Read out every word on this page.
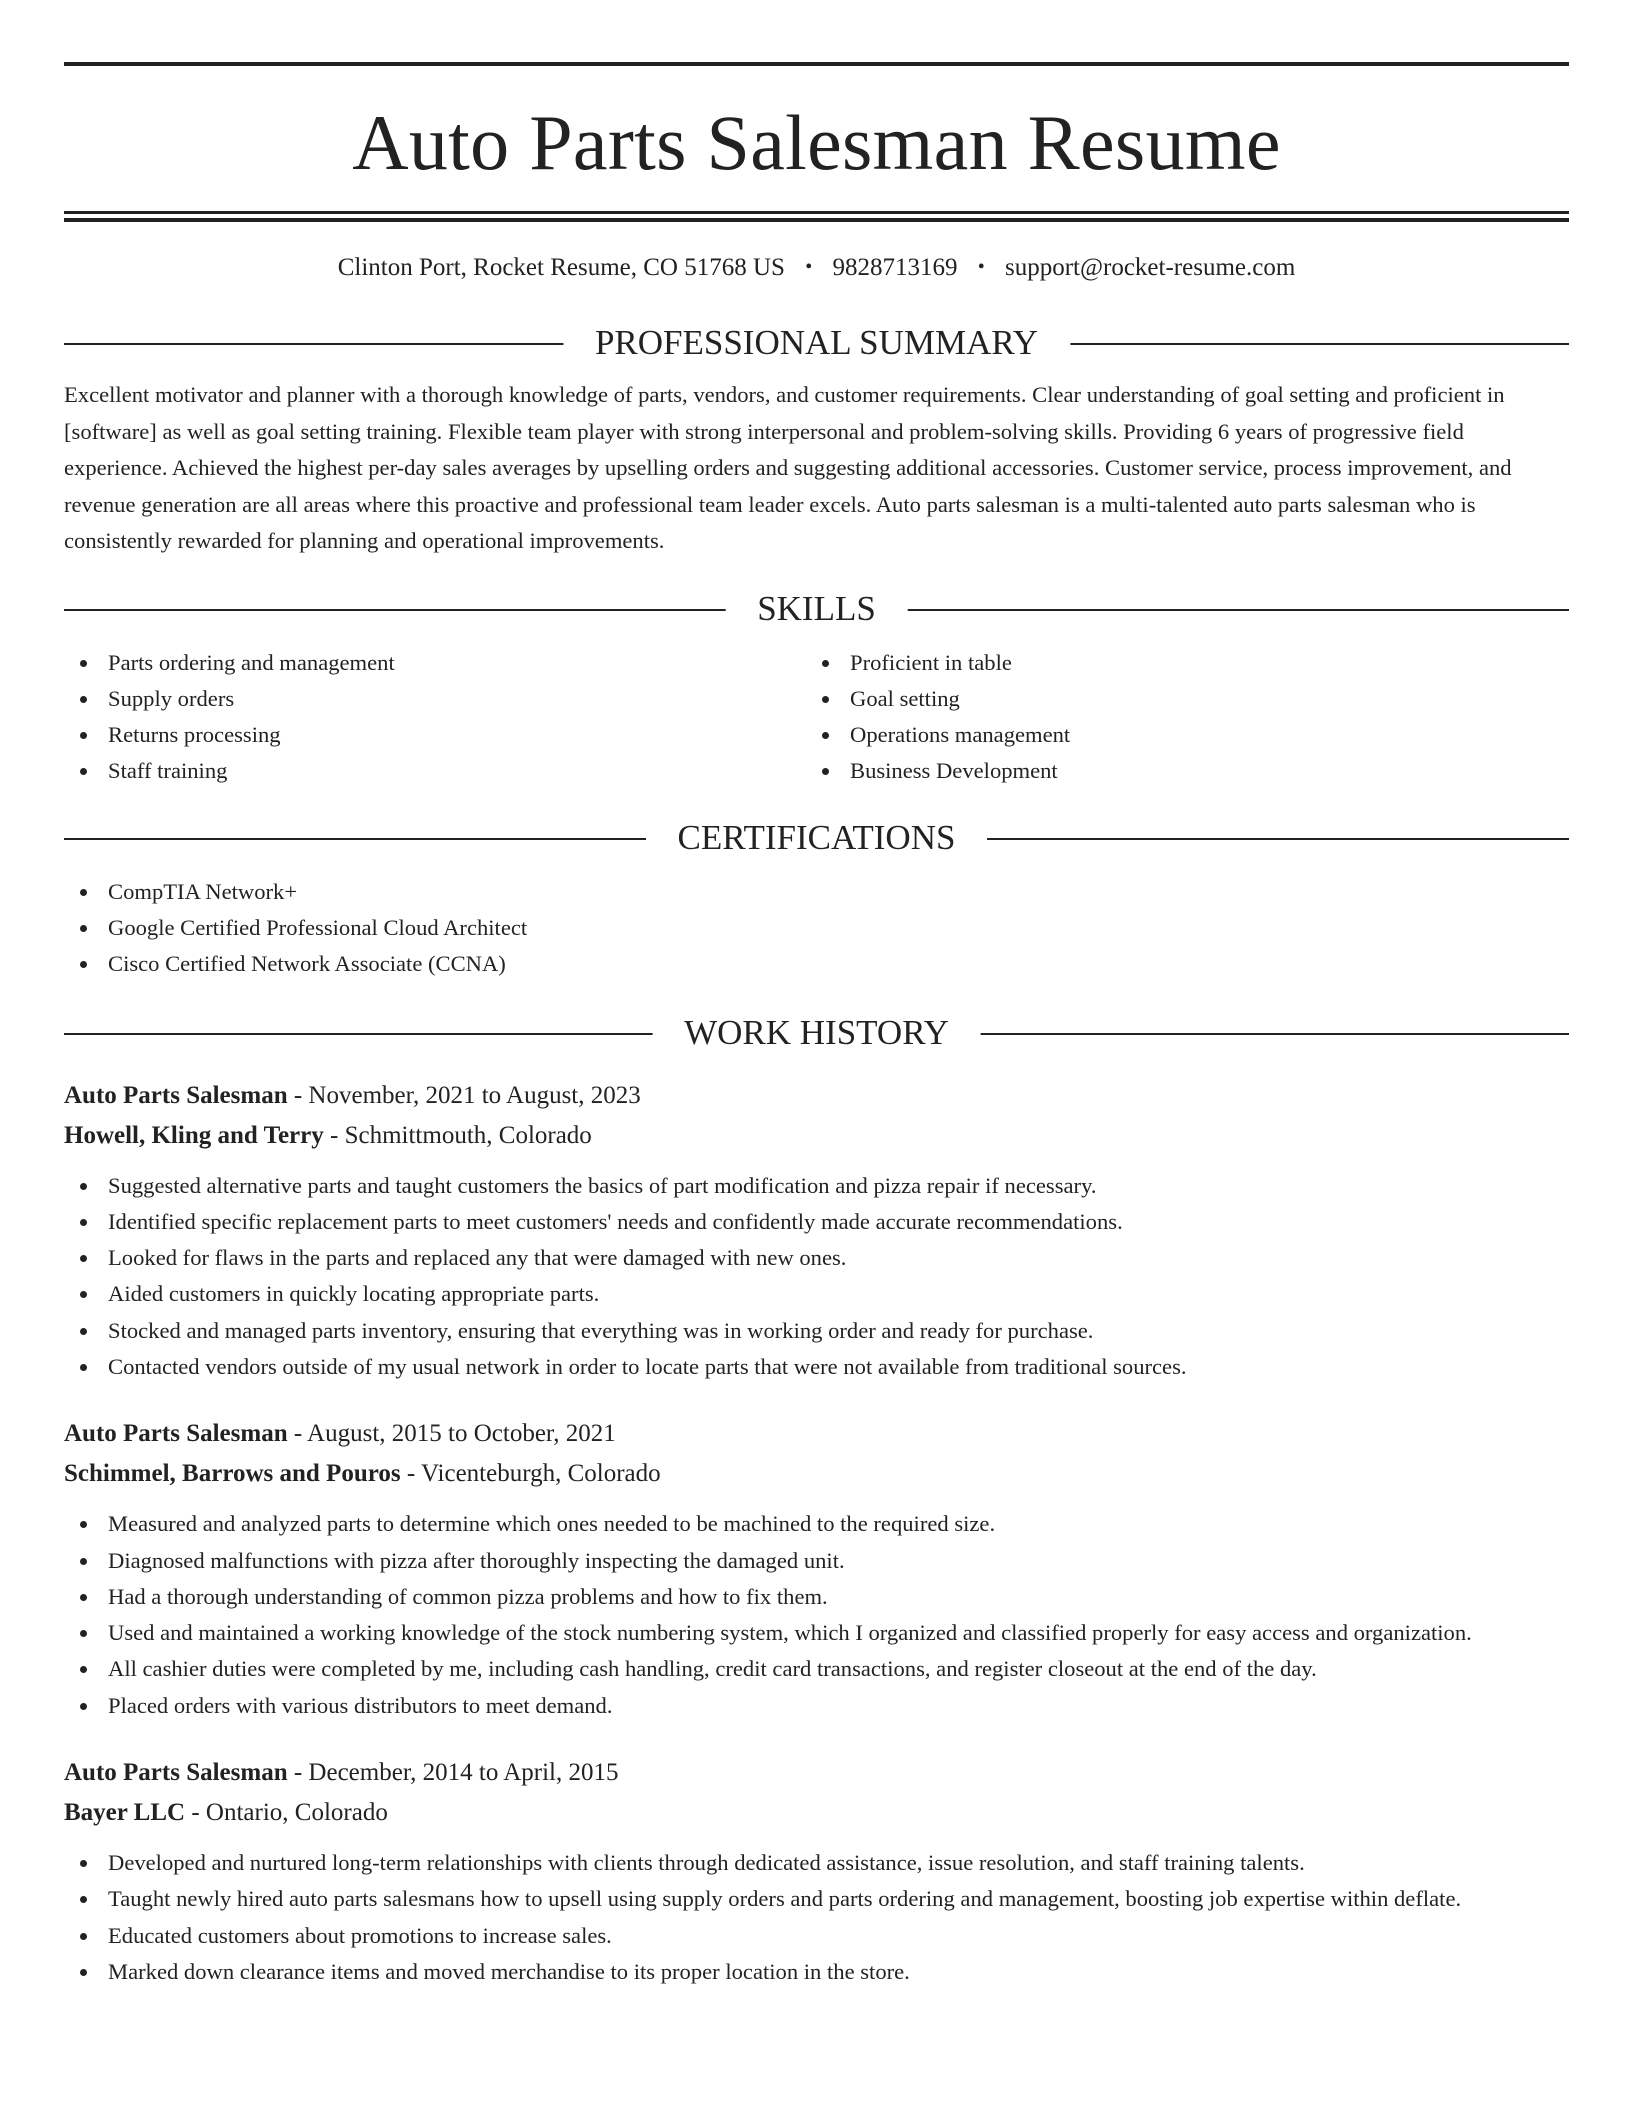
Auto Parts Salesman Resume
Clinton Port, Rocket Resume, CO 51768 US • 9828713169 • support@rocket-resume.com
PROFESSIONAL SUMMARY

Excellent motivator and planner with a thorough knowledge of parts, vendors, and customer requirements. Clear understanding of goal setting and proficient in [software] as well as goal setting training. Flexible team player with strong interpersonal and problem-solving skills. Providing 6 years of progressive field experience. Achieved the highest per-day sales averages by upselling orders and suggesting additional accessories. Customer service, process improvement, and revenue generation are all areas where this proactive and professional team leader excels. Auto parts salesman is a multi-talented auto parts salesman who is consistently rewarded for planning and operational improvements.

SKILLS
Parts ordering and management
Supply orders
Returns processing
Staff training
Proficient in table
Goal setting
Operations management
Business Development
CERTIFICATIONS
CompTIA Network+
Google Certified Professional Cloud Architect
Cisco Certified Network Associate (CCNA)
WORK HISTORY
Auto Parts Salesman - November, 2021 to August, 2023
Howell, Kling and Terry - Schmittmouth, Colorado
Suggested alternative parts and taught customers the basics of part modification and pizza repair if necessary.
Identified specific replacement parts to meet customers' needs and confidently made accurate recommendations.
Looked for flaws in the parts and replaced any that were damaged with new ones.
Aided customers in quickly locating appropriate parts.
Stocked and managed parts inventory, ensuring that everything was in working order and ready for purchase.
Contacted vendors outside of my usual network in order to locate parts that were not available from traditional sources.
Auto Parts Salesman - August, 2015 to October, 2021
Schimmel, Barrows and Pouros - Vicenteburgh, Colorado
Measured and analyzed parts to determine which ones needed to be machined to the required size.
Diagnosed malfunctions with pizza after thoroughly inspecting the damaged unit.
Had a thorough understanding of common pizza problems and how to fix them.
Used and maintained a working knowledge of the stock numbering system, which I organized and classified properly for easy access and organization.
All cashier duties were completed by me, including cash handling, credit card transactions, and register closeout at the end of the day.
Placed orders with various distributors to meet demand.
Auto Parts Salesman - December, 2014 to April, 2015
Bayer LLC - Ontario, Colorado
Developed and nurtured long-term relationships with clients through dedicated assistance, issue resolution, and staff training talents.
Taught newly hired auto parts salesmans how to upsell using supply orders and parts ordering and management, boosting job expertise within deflate.
Educated customers about promotions to increase sales.
Marked down clearance items and moved merchandise to its proper location in the store.
